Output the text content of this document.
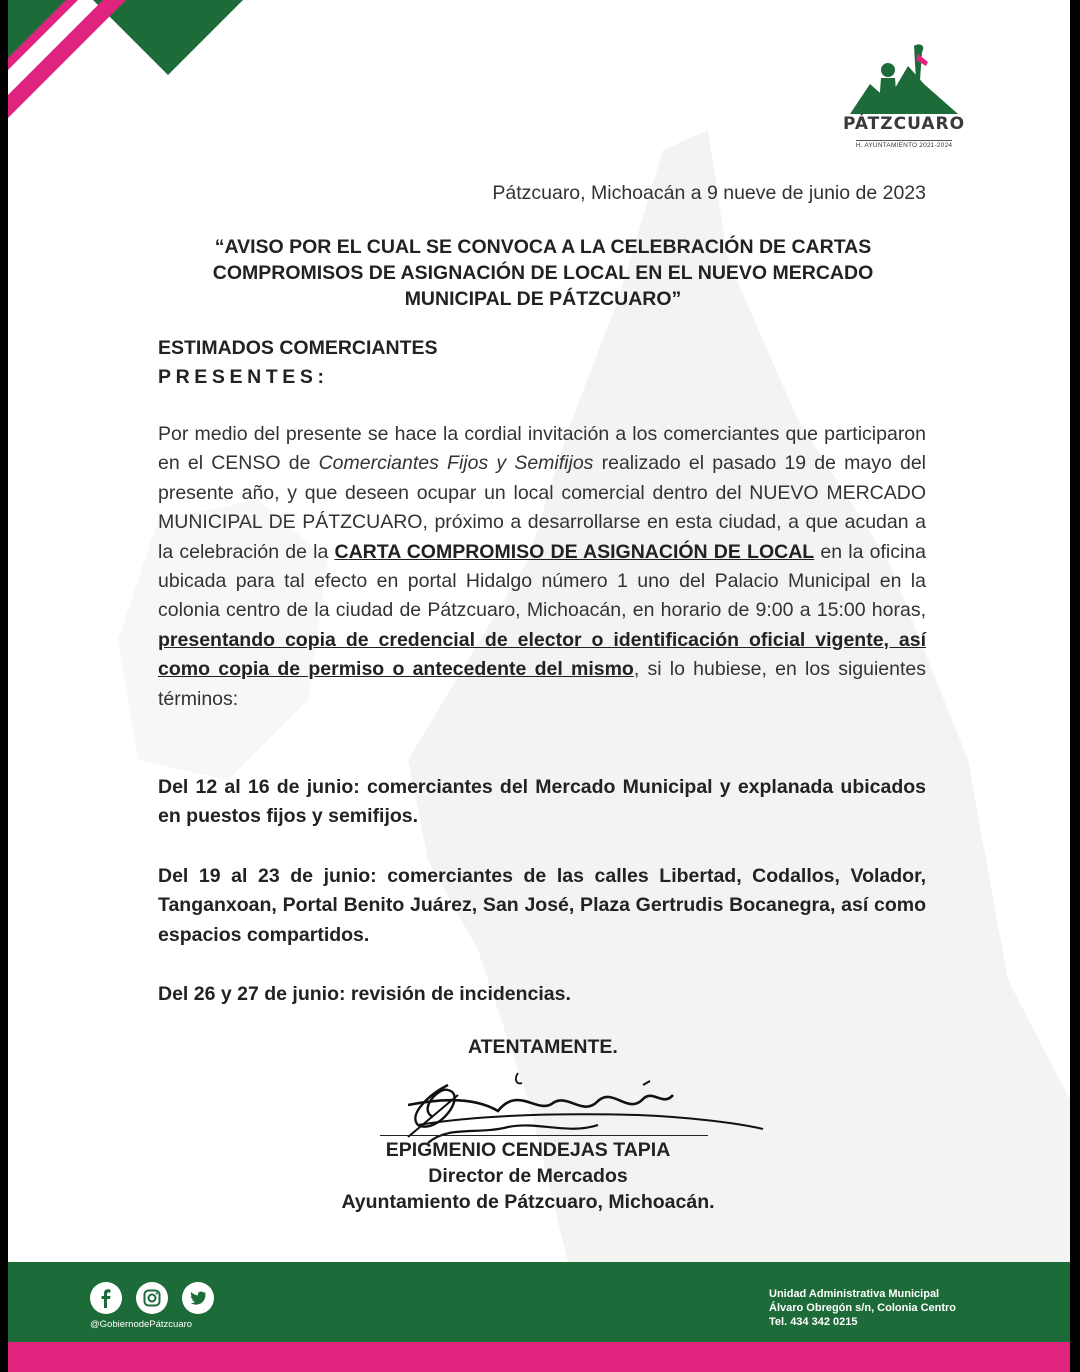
PÁTZCUARO
H. AYUNTAMIENTO 2021-2024
Pátzcuaro, Michoacán a 9 nueve de junio de 2023
“AVISO POR EL CUAL SE CONVOCA A LA CELEBRACIÓN DE CARTAS
COMPROMISOS DE ASIGNACIÓN DE LOCAL EN EL NUEVO MERCADO
MUNICIPAL DE PÁTZCUARO”
ESTIMADOS COMERCIANTES
PRESENTES:
Por medio del presente se hace la cordial invitación a los comerciantes que participaron en el CENSO de Comerciantes Fijos y Semifijos realizado el pasado 19 de mayo del presente año, y que deseen ocupar un local comercial dentro del NUEVO MERCADO MUNICIPAL DE PÁTZCUARO, próximo a desarrollarse en esta ciudad, a que acudan a la celebración de la CARTA COMPROMISO DE ASIGNACIÓN DE LOCAL en la oficina ubicada para tal efecto en portal Hidalgo número 1 uno del Palacio Municipal en la colonia centro de la ciudad de Pátzcuaro, Michoacán, en horario de 9:00 a 15:00 horas, presentando copia de credencial de elector o identificación oficial vigente, así como copia de permiso o antecedente del mismo, si lo hubiese, en los siguientes términos:
Del 12 al 16 de junio: comerciantes del Mercado Municipal y explanada ubicados en puestos fijos y semifijos.
Del 19 al 23 de junio: comerciantes de las calles Libertad, Codallos, Volador, Tanganxoan, Portal Benito Juárez, San José, Plaza Gertrudis Bocanegra, así como espacios compartidos.
Del 26 y 27 de junio: revisión de incidencias.
ATENTAMENTE.
EPIGMENIO CENDEJAS TAPIA
Director de Mercados
Ayuntamiento de Pátzcuaro, Michoacán.
@GobiernodePátzcuaro
Unidad Administrativa Municipal
Álvaro Obregón s/n, Colonia Centro
Tel. 434 342 0215
